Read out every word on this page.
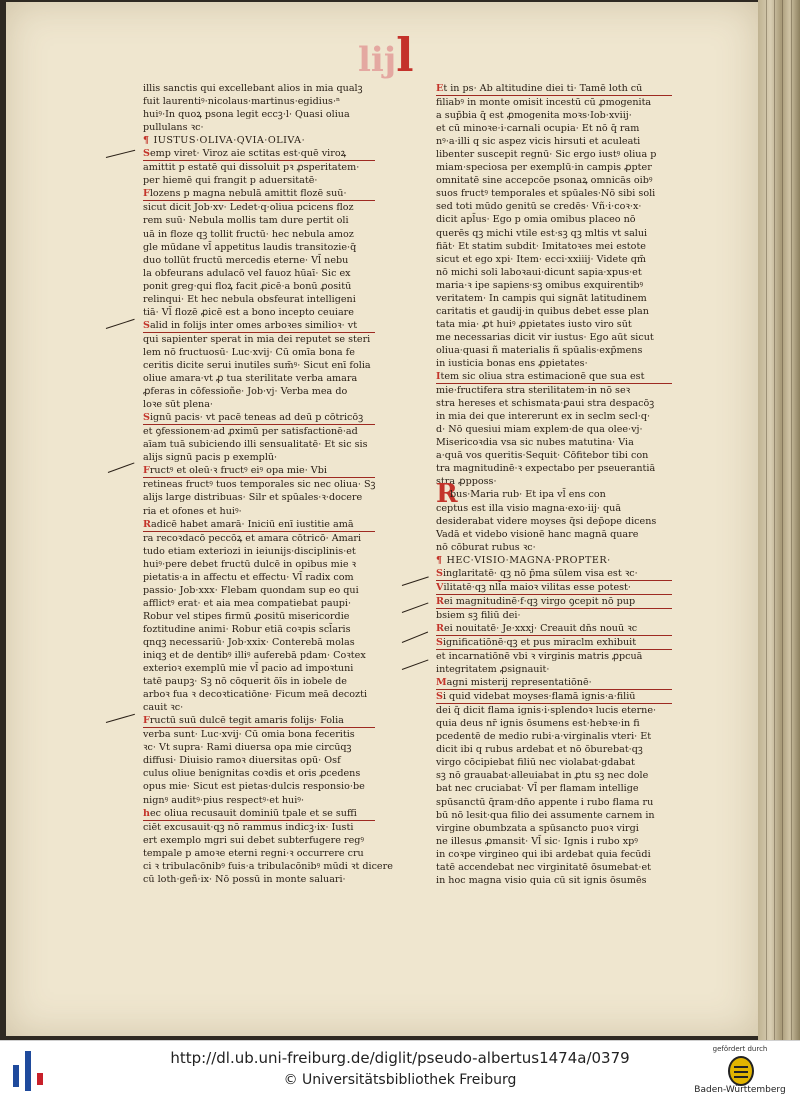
lijl
illis sanctis qui excellebant alios in mia qualꝫ
fuit laurentiꝰ·nicolaus·martinus·egidius·ⁿ
huiꝰ·In quoꝝ psona legit eccꝫ·l· Quasi oliua
pullulans ꝛc·
¶ IUSTUS·OLIVA·QVIA·OLIVA·
Semp viret· Viroz aie sctitas est·quē viroꝝ
amittit p estatē qui dissoluit pꝛ ꝓsperitatem·
per hiemē qui frangit p aduersitatē·
Flozens p magna nebulā amittit flozē suū·
sicut dicit Job·xv· Ledet·q·oliua pcicens floz
rem suū· Nebula mollis tam dure pertit oli
uā in floze qꝫ tollit fructū· hec nebula amoz
gle mūdane vl̄ appetitus laudis transitozie·q̄
duo tollūt fructū mercedis eterne· Vl̄ nebu
la obfeurans adulacō vel fauoz hūaī· Sic ex
ponit greg·qui floꝝ facit ꝓicē·a bonū ꝓositū
relinqui· Et hec nebula obsfeurat intelligeni
tiā· Vl̄ flozē ꝓicē est a bono incepto ceuiare
Salid in folijs inter omes arboꝛes similioꝛ· vt
qui sapienter sperat in mia dei reputet se steri
lem nō fructuosū· Luc·xvij· Cū omīa bona fe
ceritis dicite serui inutiles sum̄ꝰ· Sicut enī folia
oliue amara·vt ꝓ tua sterilitate verba amara
ꝓferas in cōfessioñe· Job·vj· Verba mea do
loꝛe sūt plena·
Signū pacis· vt pacē teneas ad deū p cōtricōꝫ
et ꝯfessionem·ad ꝓximū per satisfactionē·ad
aīam tuā subiciendo illi sensualitatē· Et sic sis
alijs signū pacis p exemplū·
Fructꝰ et oleū·ꝛ fructꝰ eiꝰ opa mie· Vbi
retineas fructꝰ tuos temporales sic nec oliua· Sꝫ
alijs large distribuas· Silr et spūales·ꝛ·docere
ria et ofones et huiꝰ·
Radicē habet amarā· Iniciū enī iustitie amā
ra recoꝛdacō peccōꝝ et amara cōtricō· Amari
tudo etiam exteriozi in ieiunijs·disciplinis·et
huiꝰ·pere debet fructū dulcē in opibus mie ꝛ
pietatis·a in affectu et effectu· Vl̄ radix com
passio· Job·xxx· Flebam quondam sup eo qui
afflictꝰ erat· et aia mea compatiebat paupi·
Robur vel stipes firmū ꝓositū misericordie
foztitudine animi· Robur etiā coꝛpis scl̄aris
qnqꝫ necessariū· Job·xxix· Conterebā molas
iniqꝫ et de dentibꝰ illiꝰ auferebā pdam· Coꝛtex
exterioꝛ exemplū mie vl̄ pacio ad impoꝛtuni
tatē paupꝫ· Sꝫ nō cōquerit ōīs in iobele de
arboꝛ fua ꝛ decoꝛticatiōne· Ficum meā decozti
cauit ꝛc·
Fructū suū dulcē tegit amaris folijs· Folia
verba sunt· Luc·xvij· Cū omia bona feceritis
ꝛc· Vt supra· Rami diuersa opa mie circūqꝫ
diffusi· Diuisio ramoꝛ diuersitas opū· Osf
culus oliue benignitas coꝛdis et oris ꝓcedens
opus mie· Sicut est pietas·dulcis responsio·be
nignꝰ auditꝰ·pius respectꝰ·et huiꝰ·
hec oliua recusauit dominiū tpale et se suffi
ciēt excusauit·qꝫ nō rammus indicꝫ·ix· Iusti
ert exemplo mgri sui debet subterfugere regꝰ
tempale p amoꝛe eterni regni·ꝛ occurrere cru
ci ꝛ tribulacōnibꝰ fuis·a tribulacōnibꝰ mūdi ꝛt dicere
cū loth·geñ·ix· Nō possū in monte saluari·
Et in ps· Ab altitudine diei ti· Tamē loth cū
filiabꝰ in monte omisit incestū cū ꝓmogenita
a sup̄bia q̄ est ꝓmogenita moꝛs·Iob·xviij·
et cū minoꝛe·i·carnali ocupia· Et nō q̄ ram
nꝰ·a·illi q sic aspez vicis hirsuti et aculeati
libenter suscepit regnū· Sic ergo iustꝰ oliua p
miam·speciosa per exemplū·in campis ꝓpter
omnitatē sine accepcōe psonaꝝ omnicās oibꝰ
suos fructꝰ temporales et spūales·Nō sibi soli
sed toti mūdo genitū se credēs· Vñ·i·coꝛ·x·
dicit apl̄us· Ego p omia omibus placeo nō
querēs qꝫ michi vtile est·sꝫ qꝫ mltis vt salui
fiāt· Et statim subdit· Imitatoꝛes mei estote
sicut et ego xpi· Item· ecci·xxiiij· Videte qm̄
nō michi soli laboꝛaui·dicunt sapia·xpus·et
maria·ꝛ ipe sapiens·sꝫ omibus exquirentibꝰ
veritatem· In campis qui signāt latitudinem
caritatis et gaudij·in quibus debet esse plan
tata mia· ꝓt huiꝰ ꝓpietates iusto viro sūt
me necessarias dicit vir iustus· Ego aūt sicut
oliua·quasi ñ materialis ñ spūalis·exp̄mens
in iusticia bonas ens ꝓpietates·
Item sic oliua stra estimacionē que sua est
mie·fructifera stra sterilitatem·in nō seꝛ
stra hereses et schismata·ꝑaui stra despacōꝫ
in mia dei que intererunt ex in seclm secl·q·
d· Nō quesiui miam explem·de qua olee·vj·
Misericoꝛdia vsa sic nubes matutina· Via
a·quā vos queritis·Sequit· Cōfitebor tibi con
tra magnitudinē·ꝛ expectabo per pseuerantiā
stra ꝓpposs·
Rbus·Maria rub· Et ipa vl̄ ens con
ceptus est illa visio magna·exo·iij· quā
desiderabat videre moyses q̄si dep̄ope dicens
Vadā et videbo visionē hanc magnā quare
nō cōburat rubus ꝛc·
¶ HEC·VISIO·MAGNA·PROPTER·
Singlaritatē· qꝫ nō p̄ma sūlem visa est ꝛc·
Vilitatē·qꝫ nll̄a maioꝛ vilitas esse potest·
Rei magnitudinē·f·qꝫ virgo ꝯcepit nō pup
bsiem sꝫ filiū dei·
Rei nouitatē· Je·xxxj· Creauit dn̄s nouū ꝛc
Significatiōnē·qꝫ et pus miraclm exhibuit
et incarnatiōnē vbi ꝛ virginis matris ꝓpcuā
integritatem ꝓsignauit·
Magni misterij representatiōnē·
Si quid videbat moyses·flamā ignis·a·filiū
dei q̄ dicit flama ignis·i·splendoꝛ lucis eterne·
quia deus nr̄ ignis ōsumens est·hebꝛe·in fi
pcedentē de medio rubi·a·virginalis vteri· Et
dicit ibi q rubus ardebat et nō ōburebat·qꝫ
virgo cōcipiebat filiū nec violabat·gdabat
sꝫ nō grauabat·alleuiabat in ꝓtu sꝫ nec dole
bat nec cruciabat· Vl̄ per flamam intellige
spūsanctū q̄ram·dn̄o appente i rubo flama ru
bū nō lesit·qua filio dei assumente carnem in
virgine obumbzata a spūsancto puoꝛ virgi
ne illesus ꝓmansit· Vl̄ sic· Ignis i rubo xpꝰ
in coꝛpe virgineo qui ibi ardebat quia fecūdi
tatē accendebat nec virginitatē ōsumebat·et
in hoc magna visio quia cū sit ignis ōsumēs
http://dl.ub.uni-freiburg.de/diglit/pseudo-albertus1474a/0379
© Universitätsbibliothek Freiburg
gefördert durch
Baden-Württemberg
